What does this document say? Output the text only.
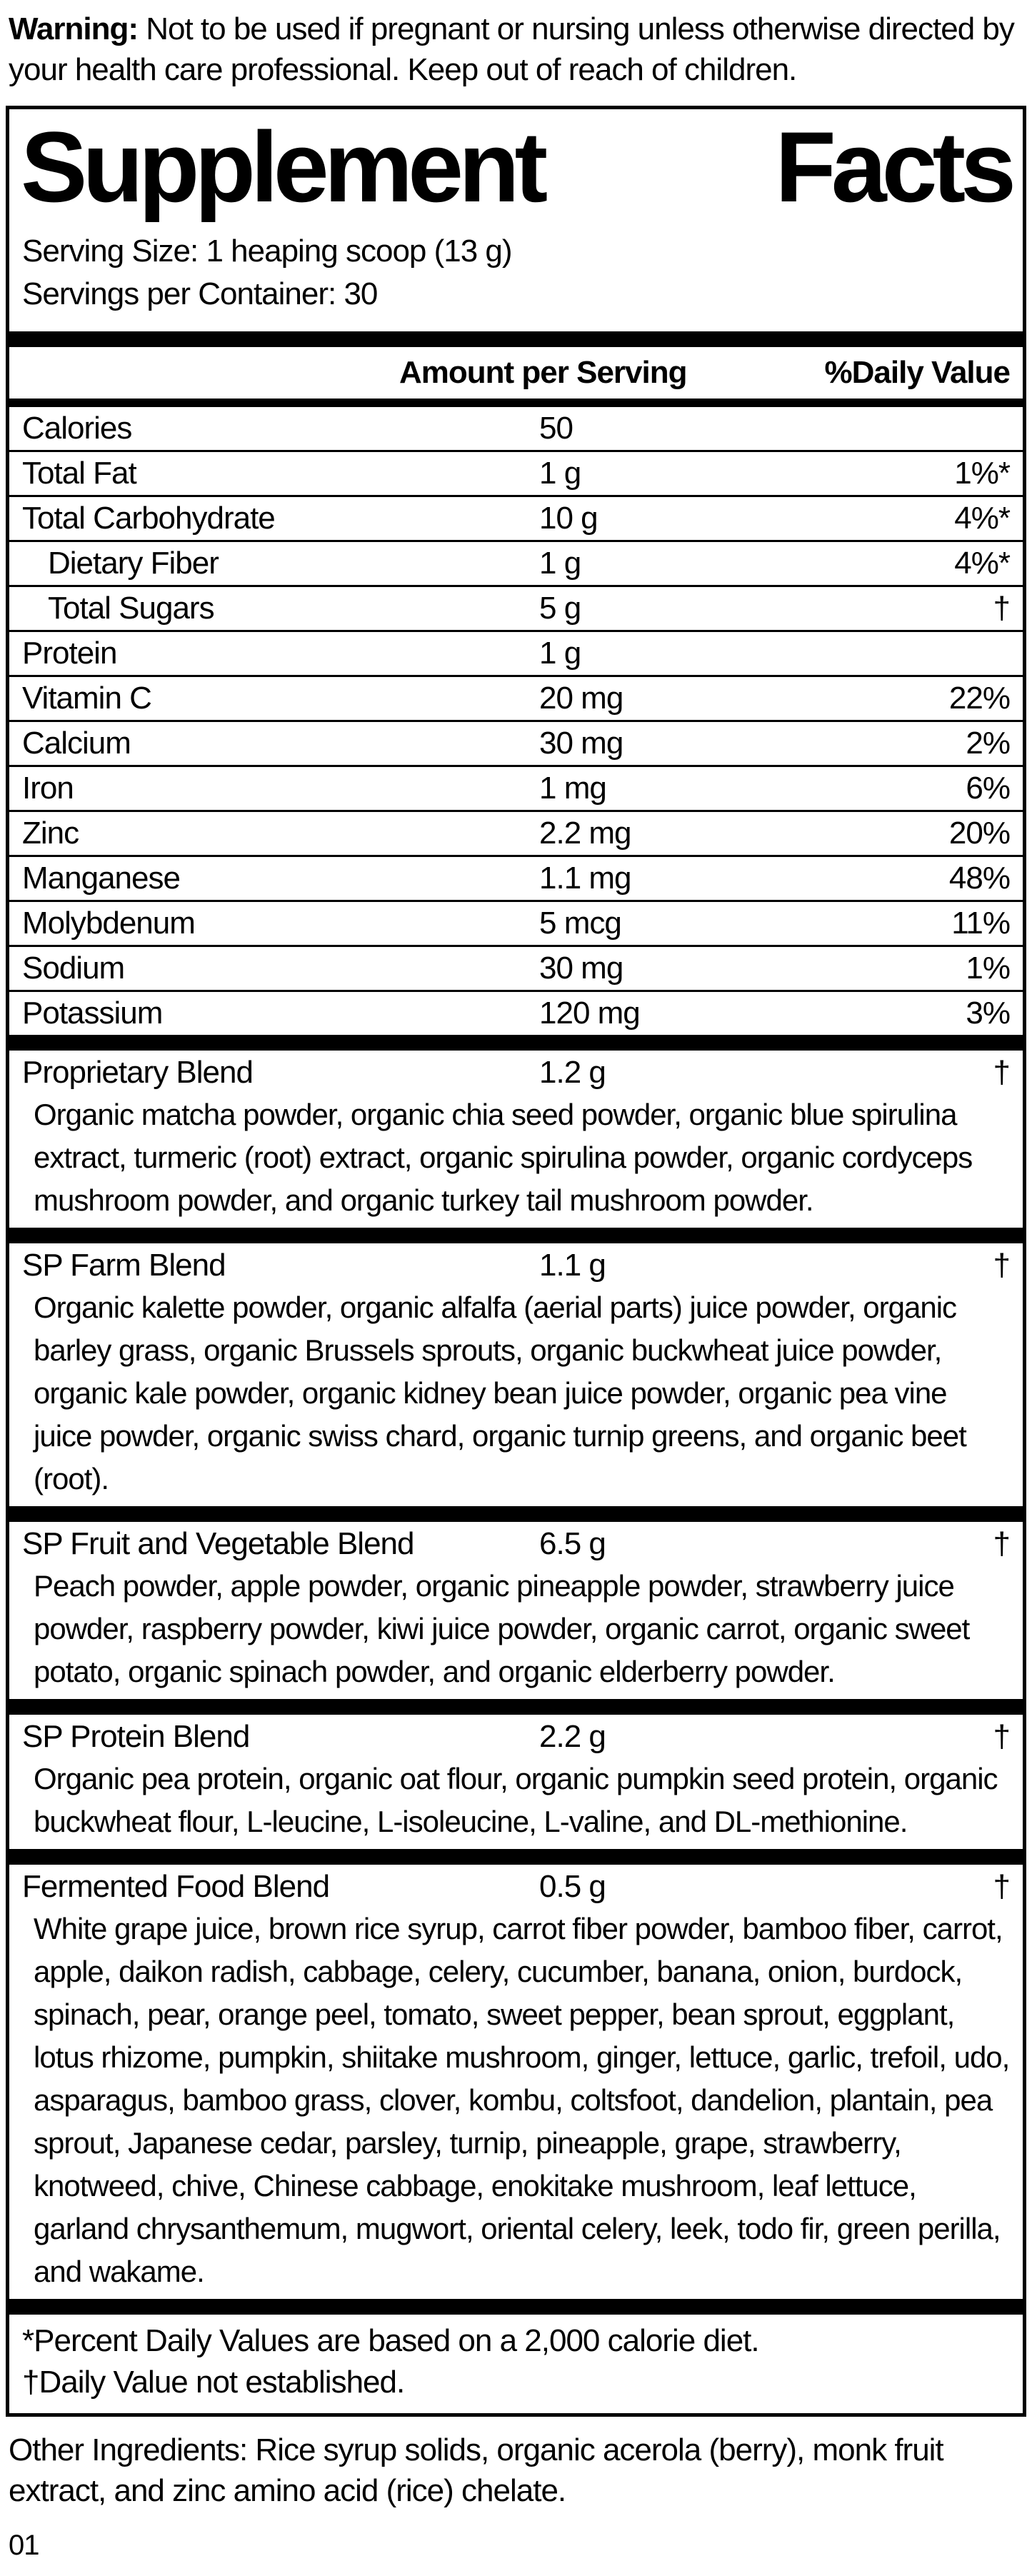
Warning: Not to be used if pregnant or nursing unless otherwise directed by your health care professional. Keep out of reach of children.

Supplement Facts
Serving Size: 1 heaping scoop (13 g)
Servings per Container: 30
Amount per Serving	%Daily Value
Calories	50
Total Fat	1 g	1%*
Total Carbohydrate	10 g	4%*
Dietary Fiber	1 g	4%*
Total Sugars	5 g	†
Protein	1 g
Vitamin C	20 mg	22%
Calcium	30 mg	2%
Iron	1 mg	6%
Zinc	2.2 mg	20%
Manganese	1.1 mg	48%
Molybdenum	5 mcg	11%
Sodium	30 mg	1%
Potassium	120 mg	3%
Proprietary Blend	1.2 g	†
Organic matcha powder, organic chia seed powder, organic blue spirulina extract, turmeric (root) extract, organic spirulina powder, organic cordyceps mushroom powder, and organic turkey tail mushroom powder.
SP Farm Blend	1.1 g	†
Organic kalette powder, organic alfalfa (aerial parts) juice powder, organic barley grass, organic Brussels sprouts, organic buckwheat juice powder, organic kale powder, organic kidney bean juice powder, organic pea vine juice powder, organic swiss chard, organic turnip greens, and organic beet (root).
SP Fruit and Vegetable Blend	6.5 g	†
Peach powder, apple powder, organic pineapple powder, strawberry juice powder, raspberry powder, kiwi juice powder, organic carrot, organic sweet potato, organic spinach powder, and organic elderberry powder.
SP Protein Blend	2.2 g	†
Organic pea protein, organic oat flour, organic pumpkin seed protein, organic buckwheat flour, L-leucine, L-isoleucine, L-valine, and DL-methionine.
Fermented Food Blend	0.5 g	†
White grape juice, brown rice syrup, carrot fiber powder, bamboo fiber, carrot, apple, daikon radish, cabbage, celery, cucumber, banana, onion, burdock, spinach, pear, orange peel, tomato, sweet pepper, bean sprout, eggplant, lotus rhizome, pumpkin, shiitake mushroom, ginger, lettuce, garlic, trefoil, udo, asparagus, bamboo grass, clover, kombu, coltsfoot, dandelion, plantain, pea sprout, Japanese cedar, parsley, turnip, pineapple, grape, strawberry, knotweed, chive, Chinese cabbage, enokitake mushroom, leaf lettuce, garland chrysanthemum, mugwort, oriental celery, leek, todo fir, green perilla, and wakame.
*Percent Daily Values are based on a 2,000 calorie diet.
†Daily Value not established.

Other Ingredients: Rice syrup solids, organic acerola (berry), monk fruit extract, and zinc amino acid (rice) chelate.

01
